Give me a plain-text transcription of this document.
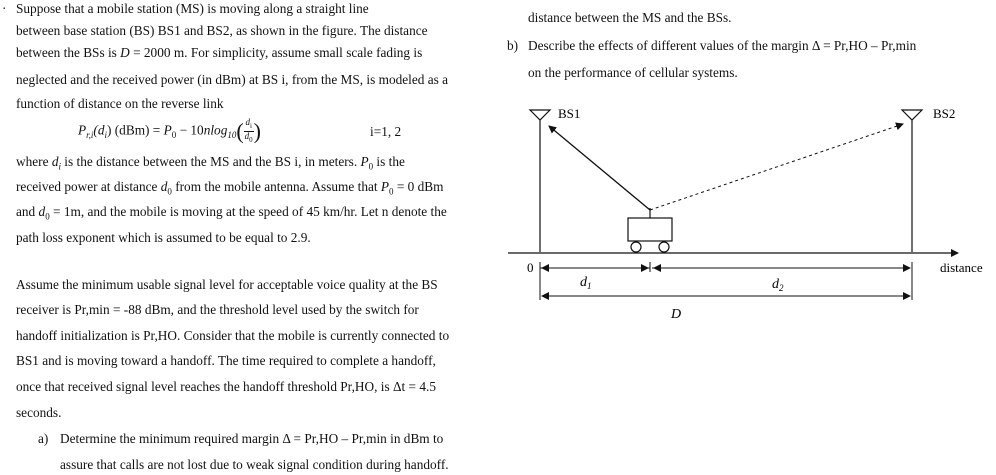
· Suppose that a mobile station (MS) is moving along a straight line
between base station (BS) BS1 and BS2, as shown in the figure. The distance
between the BSs is D = 2000 m. For simplicity, assume small scale fading is
neglected and the received power (in dBm) at BS i, from the MS, is modeled as a
function of distance on the reverse link
$P_{r,i}(d_i) (dBm) = P_0 - 10nlog_{10}( \frac{d_i}{d_0}$ )	i=1, 2
where $d_i$ is the distance between the MS and the BS i, in meters. $P_0$ is the
received power at distance $d_0$ from the mobile antenna. Assume that $P_0 = 0$ dBm
and $d_0 = 1m$, and the mobile is moving at the speed of 45 km/hr. Let n denote the
path loss exponent which is assumed to be equal to 2.9.
Assume the minimum usable signal level for acceptable voice quality at the BS
receiver is Pr,min = -88 dBm, and the threshold level used by the switch for
handoff initialization is Pr,HO. Consider that the mobile is currently connected to
BS1 and is moving toward a handoff. The time required to complete a handoff,
once that received signal level reaches the handoff threshold Pr,HO, is Δt = 4.5
seconds.
a) Determine the minimum required margin Δ = Pr,HO – Pr,min in dBm to
assure that calls are not lost due to weak signal condition during handoff.
distance between the MS and the BSs.
b) Describe the effects of different values of the margin Δ = Pr,HO – Pr,min
on the performance of cellular systems.
BS1	BS2
distance
0
$d_1$	$d_2$
D
